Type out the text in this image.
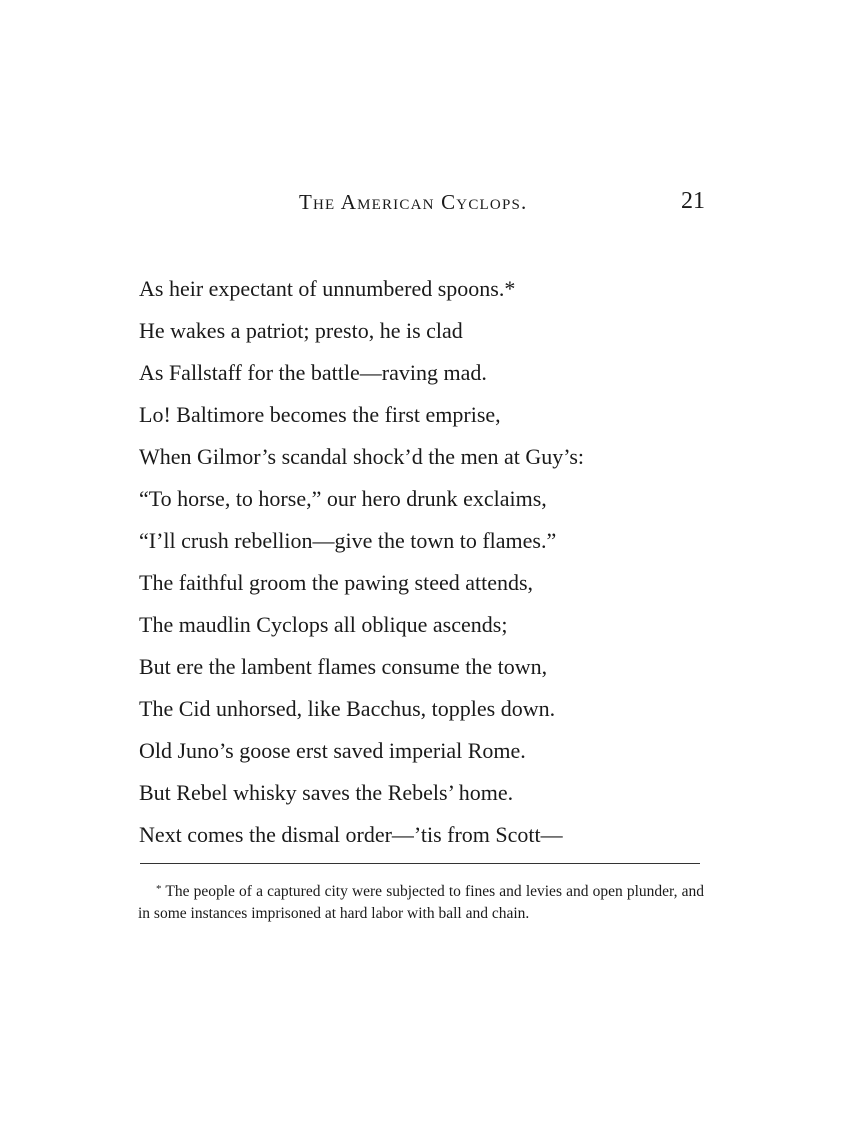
The American Cyclops.	21
As heir expectant of unnumbered spoons.*
He wakes a patriot; presto, he is clad
As Fallstaff for the battle—raving mad.
Lo! Baltimore becomes the first emprise,
When Gilmor’s scandal shock’d the men at Guy’s:
“To horse, to horse,” our hero drunk exclaims,
“I’ll crush rebellion—give the town to flames.”
The faithful groom the pawing steed attends,
The maudlin Cyclops all oblique ascends;
But ere the lambent flames consume the town,
The Cid unhorsed, like Bacchus, topples down.
Old Juno’s goose erst saved imperial Rome.
But Rebel whisky saves the Rebels’ home.
Next comes the dismal order—’tis from Scott—
* The people of a captured city were subjected to fines and levies and open plunder, and in some instances imprisoned at hard labor with ball and chain.
